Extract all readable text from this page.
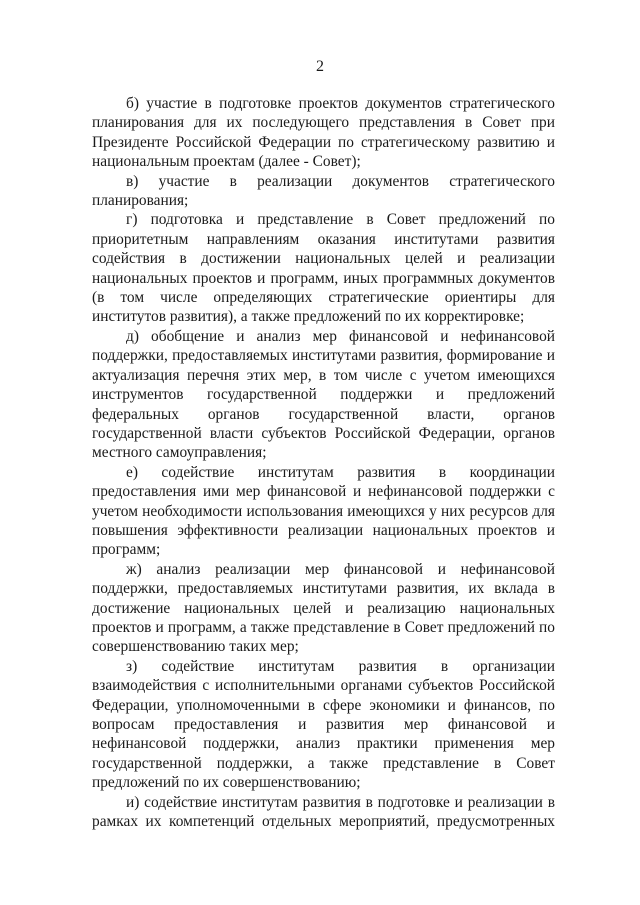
2

б) участие в подготовке проектов документов стратегического планирования для их последующего представления в Совет при Президенте Российской Федерации по стратегическому развитию и национальным проектам (далее - Совет);

в) участие в реализации документов стратегического планирования;

г) подготовка и представление в Совет предложений по приоритетным направлениям оказания институтами развития содействия в достижении национальных целей и реализации национальных проектов и программ, иных программных документов (в том числе определяющих стратегические ориентиры для институтов развития), а также предложений по их корректировке;

д) обобщение и анализ мер финансовой и нефинансовой поддержки, предоставляемых институтами развития, формирование и актуализация перечня этих мер, в том числе с учетом имеющихся инструментов государственной поддержки и предложений федеральных органов государственной власти, органов государственной власти субъектов Российской Федерации, органов местного самоуправления;

е) содействие институтам развития в координации предоставления ими мер финансовой и нефинансовой поддержки с учетом необходимости использования имеющихся у них ресурсов для повышения эффективности реализации национальных проектов и программ;

ж) анализ реализации мер финансовой и нефинансовой поддержки, предоставляемых институтами развития, их вклада в достижение национальных целей и реализацию национальных проектов и программ, а также представление в Совет предложений по совершенствованию таких мер;

з) содействие институтам развития в организации взаимодействия с исполнительными органами субъектов Российской Федерации, уполномоченными в сфере экономики и финансов, по вопросам предоставления и развития мер финансовой и нефинансовой поддержки, анализ практики применения мер государственной поддержки, а также представление в Совет предложений по их совершенствованию;

и) содействие институтам развития в подготовке и реализации в рамках их компетенций отдельных мероприятий, предусмотренных
